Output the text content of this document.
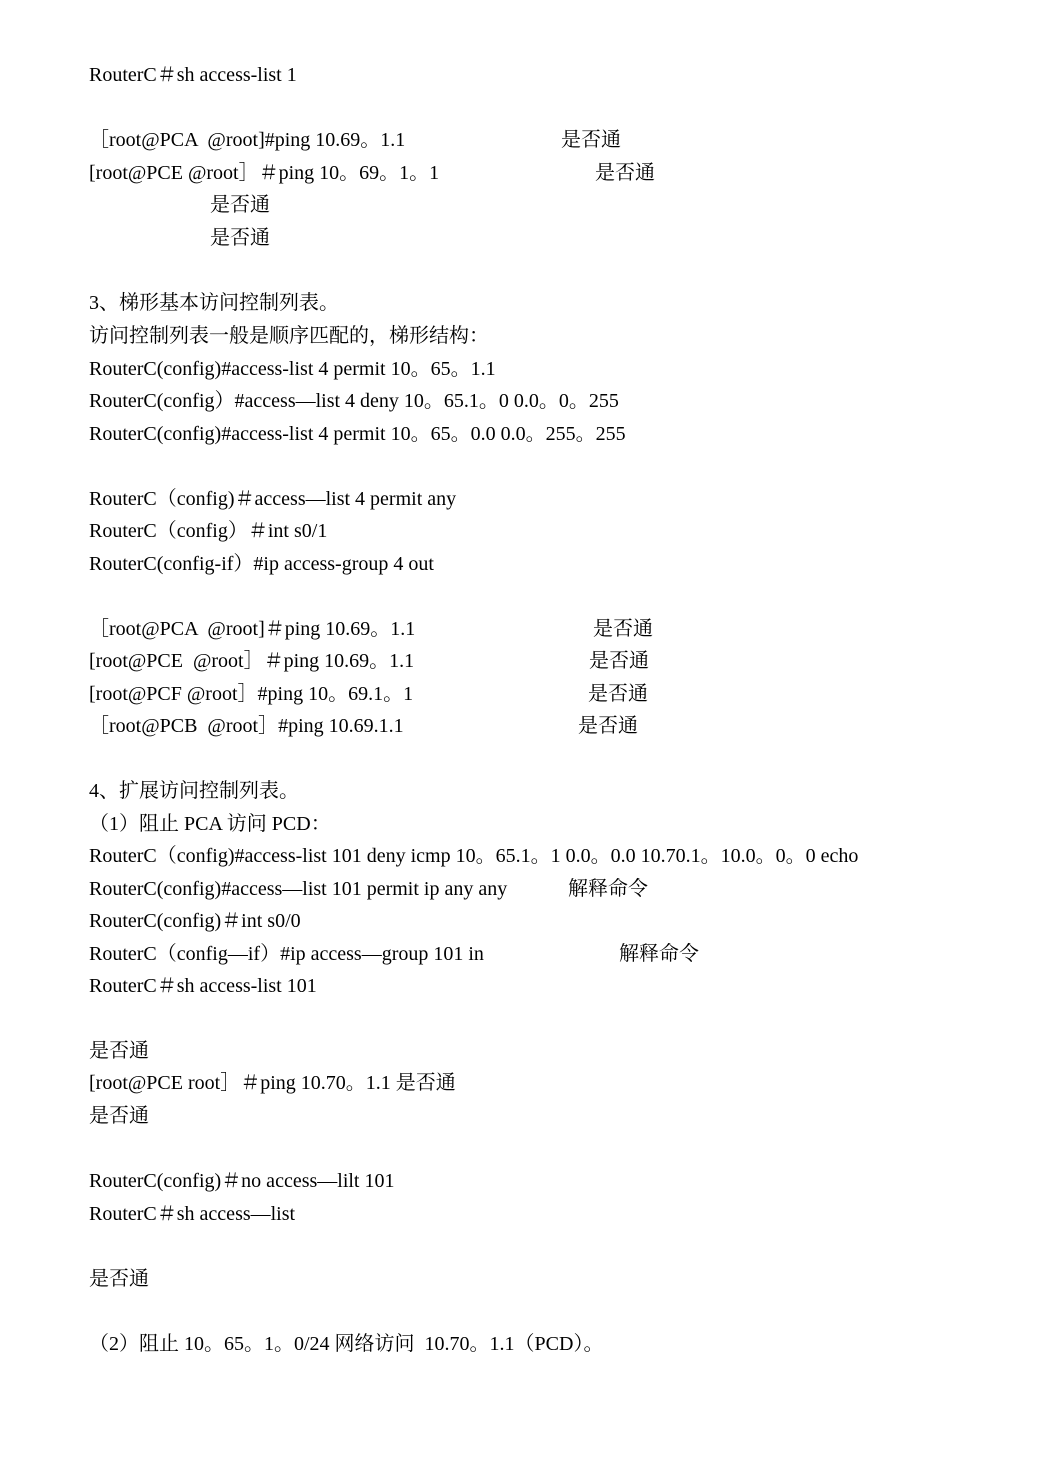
RouterC＃sh access-list 1

［root@PCA  @root]#ping 10.69。1.1	是否通

[root@PCE @root］＃ping 10。69。1。1	是否通
是否通
是否通

3、梯形基本访问控制列表。

访问控制列表一般是顺序匹配的，梯形结构：

RouterC(config)#access-list 4 permit 10。65。1.1

RouterC(config）#access—list 4 deny 10。65.1。0 0.0。0。255

RouterC(config)#access-list 4 permit 10。65。0.0 0.0。255。255

RouterC（config)＃access—list 4 permit any

RouterC（config）＃int s0/1

RouterC(config-if）#ip access-group 4 out

［root@PCA  @root]＃ping 10.69。1.1	是否通

[root@PCE  @root］＃ping 10.69。1.1	是否通

[root@PCF @root］#ping 10。69.1。1	是否通

［root@PCB  @root］#ping 10.69.1.1	是否通

4、扩展访问控制列表。

（1）阻止 PCA 访问 PCD：

RouterC（config)#access-list 101 deny icmp 10。65.1。1 0.0。0.0 10.70.1。10.0。0。0 echo

RouterC(config)#access—list 101 permit ip any any	解释命令

RouterC(config)＃int s0/0

RouterC（config—if）#ip access—group 101 in	解释命令

RouterC＃sh access-list 101

是否通

[root@PCE root］＃ping 10.70。1.1 是否通

是否通

RouterC(config)＃no access—lilt 101

RouterC＃sh access—list

是否通

（2）阻止 10。65。1。0/24 网络访问  10.70。1.1（PCD）。
